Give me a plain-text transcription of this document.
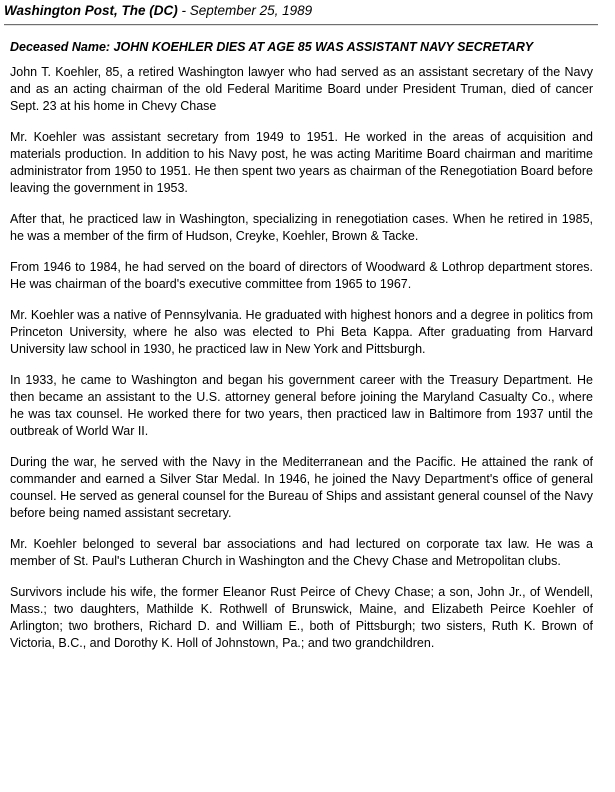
Washington Post, The (DC) - September 25, 1989

Deceased Name: JOHN KOEHLER DIES AT AGE 85 WAS ASSISTANT NAVY SECRETARY

John T. Koehler, 85, a retired Washington lawyer who had served as an assistant secretary of the Navy and as an acting chairman of the old Federal Maritime Board under President Truman, died of cancer Sept. 23 at his home in Chevy Chase

Mr. Koehler was assistant secretary from 1949 to 1951. He worked in the areas of acquisition and materials production. In addition to his Navy post, he was acting Maritime Board chairman and maritime administrator from 1950 to 1951. He then spent two years as chairman of the Renegotiation Board before leaving the government in 1953.

After that, he practiced law in Washington, specializing in renegotiation cases. When he retired in 1985, he was a member of the firm of Hudson, Creyke, Koehler, Brown & Tacke.

From 1946 to 1984, he had served on the board of directors of Woodward & Lothrop department stores. He was chairman of the board's executive committee from 1965 to 1967.

Mr. Koehler was a native of Pennsylvania. He graduated with highest honors and a degree in politics from Princeton University, where he also was elected to Phi Beta Kappa. After graduating from Harvard University law school in 1930, he practiced law in New York and Pittsburgh.

In 1933, he came to Washington and began his government career with the Treasury Department. He then became an assistant to the U.S. attorney general before joining the Maryland Casualty Co., where he was tax counsel. He worked there for two years, then practiced law in Baltimore from 1937 until the outbreak of World War II.

During the war, he served with the Navy in the Mediterranean and the Pacific. He attained the rank of commander and earned a Silver Star Medal. In 1946, he joined the Navy Department's office of general counsel. He served as general counsel for the Bureau of Ships and assistant general counsel of the Navy before being named assistant secretary.

Mr. Koehler belonged to several bar associations and had lectured on corporate tax law. He was a member of St. Paul's Lutheran Church in Washington and the Chevy Chase and Metropolitan clubs.

Survivors include his wife, the former Eleanor Rust Peirce of Chevy Chase; a son, John Jr., of Wendell, Mass.; two daughters, Mathilde K. Rothwell of Brunswick, Maine, and Elizabeth Peirce Koehler of Arlington; two brothers, Richard D. and William E., both of Pittsburgh; two sisters, Ruth K. Brown of Victoria, B.C., and Dorothy K. Holl of Johnstown, Pa.; and two grandchildren.
